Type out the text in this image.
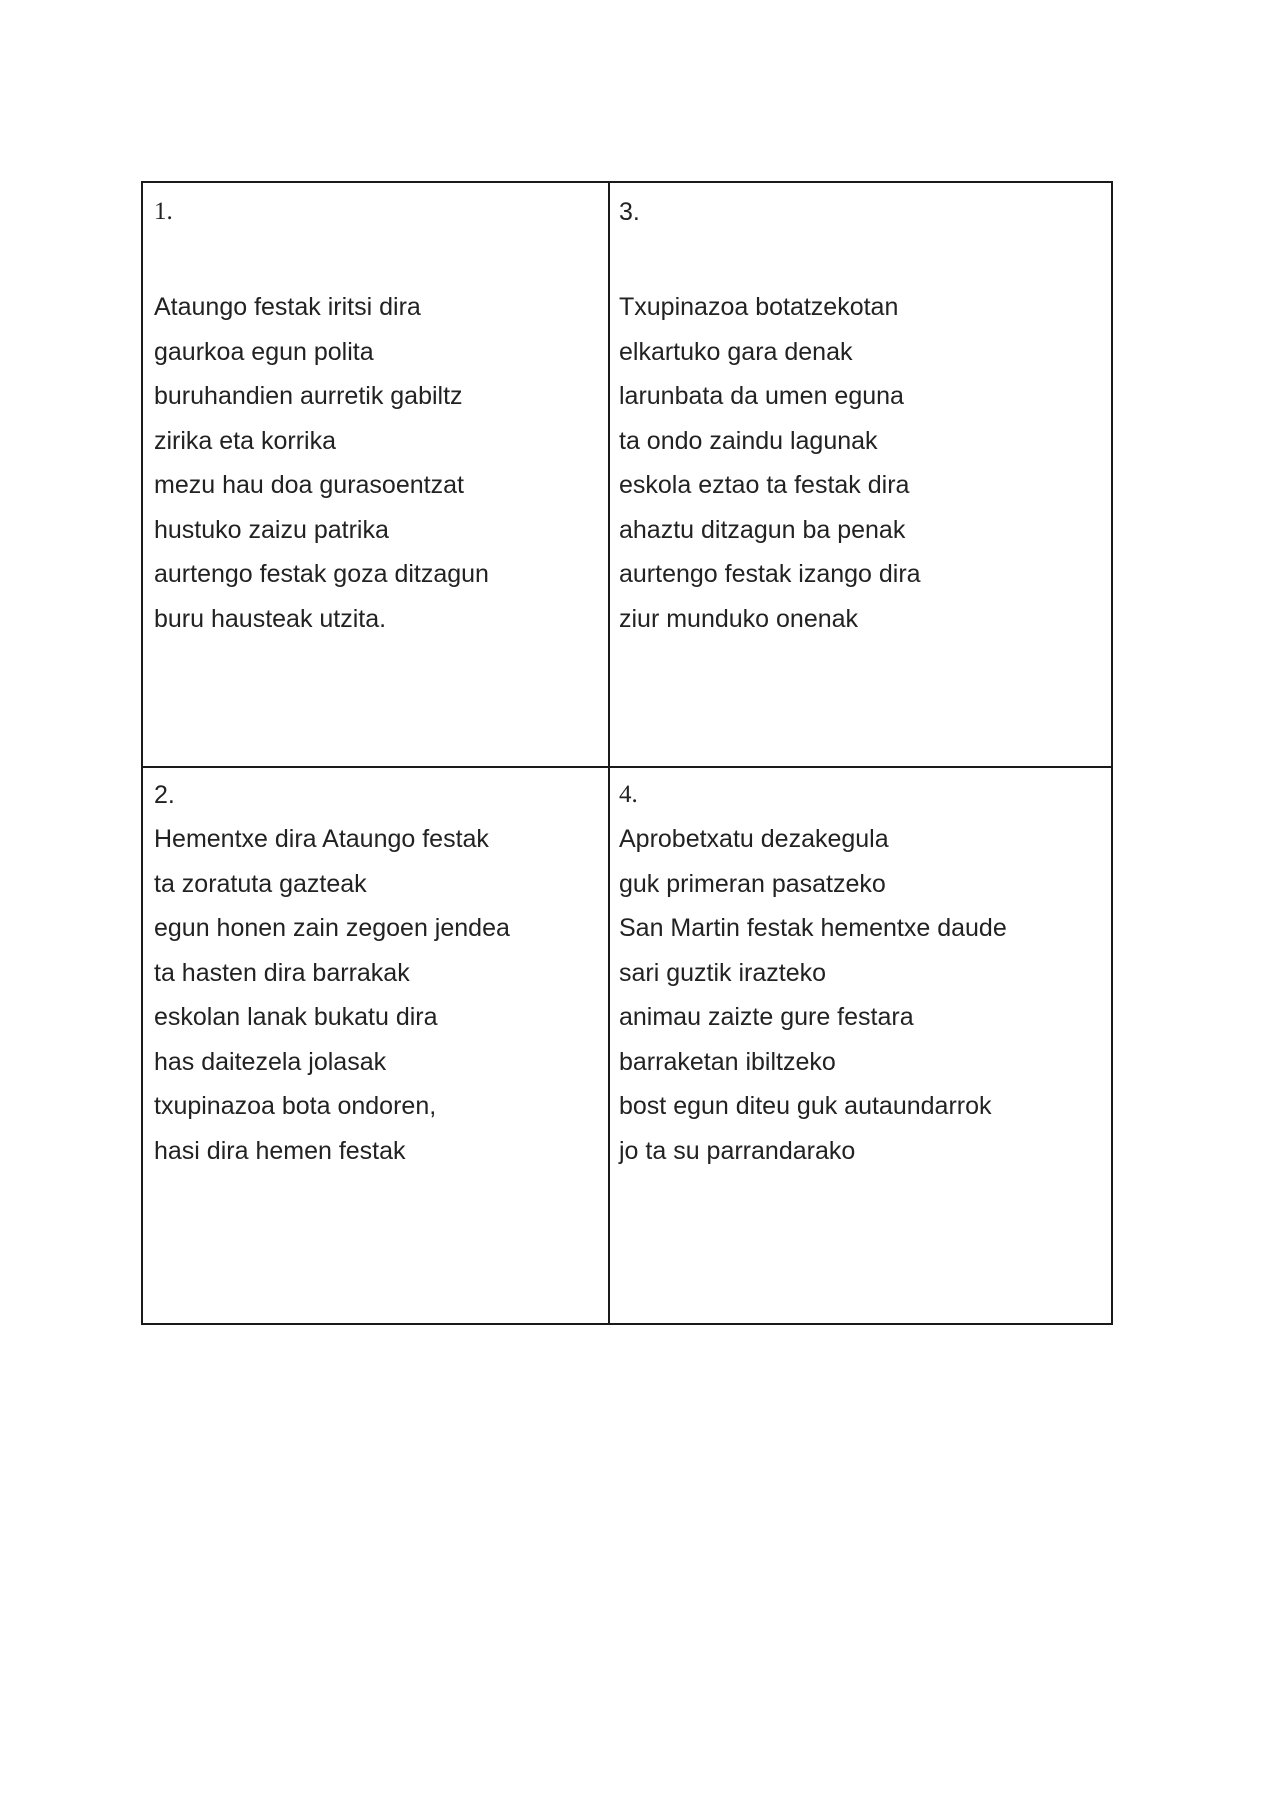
1.
Ataungo festak iritsi dira
gaurkoa egun polita
buruhandien aurretik gabiltz
zirika eta korrika
mezu hau doa gurasoentzat
hustuko zaizu patrika
aurtengo festak goza ditzagun
buru hausteak utzita.
3.
Txupinazoa botatzekotan
elkartuko gara denak
larunbata da umen eguna
ta ondo zaindu lagunak
eskola eztao ta festak dira
ahaztu ditzagun ba penak
aurtengo festak izango dira
ziur munduko onenak
2.
Hementxe dira Ataungo festak
ta zoratuta gazteak
egun honen zain zegoen jendea
ta hasten dira barrakak
eskolan lanak bukatu dira
has daitezela jolasak
txupinazoa bota ondoren,
hasi dira hemen festak
4.
Aprobetxatu dezakegula
guk primeran pasatzeko
San Martin festak hementxe daude
sari guztik irazteko
animau zaizte gure festara
barraketan ibiltzeko
bost egun diteu guk autaundarrok
jo ta su parrandarako
